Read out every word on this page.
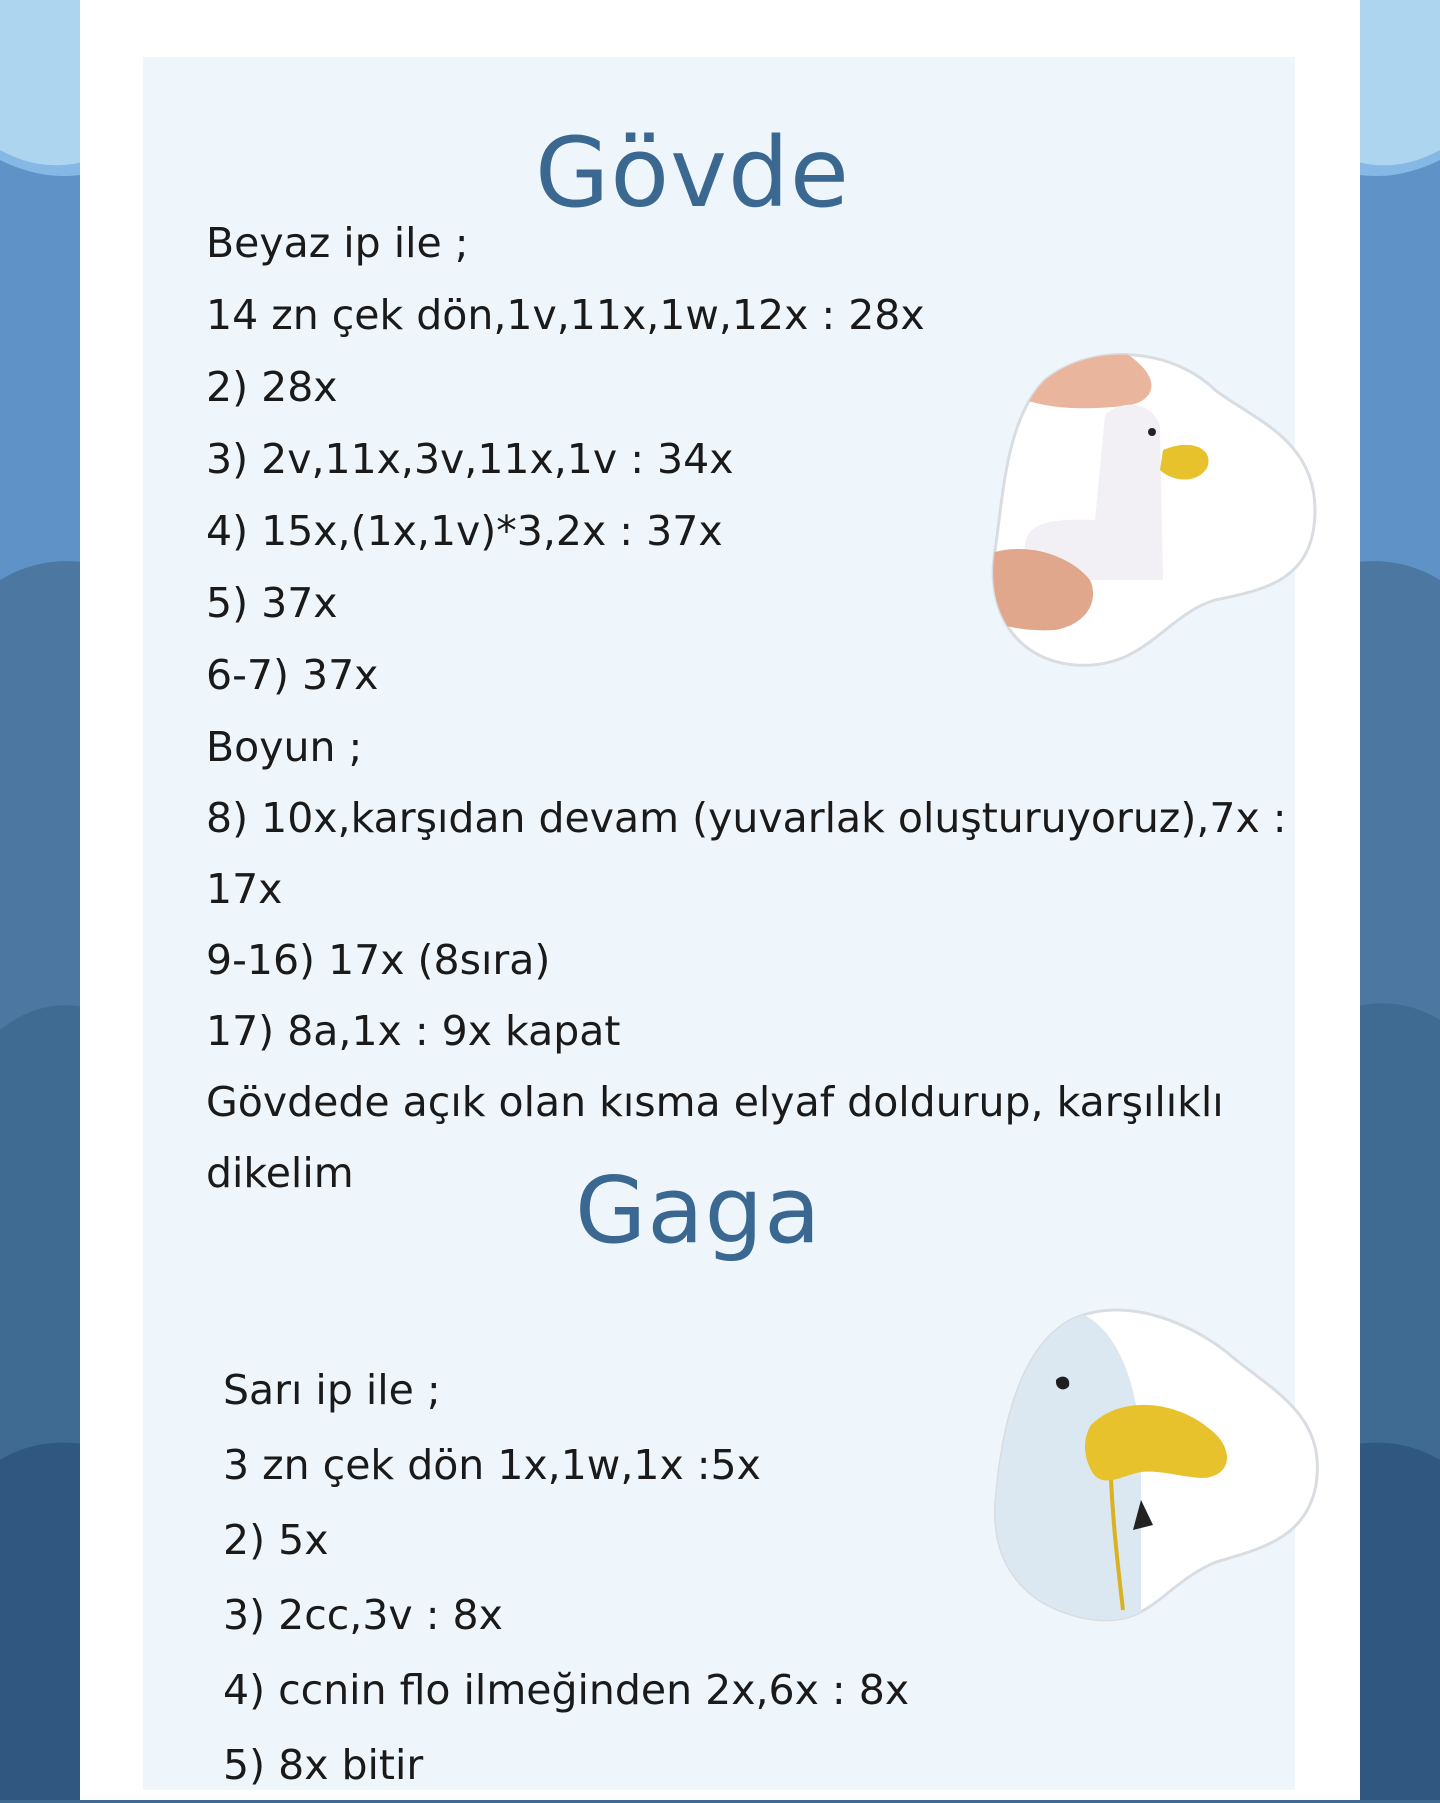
Gövde
Beyaz ip ile ;
14 zn çek dön,1v,11x,1w,12x : 28x
2) 28x
3) 2v,11x,3v,11x,1v : 34x
4) 15x,(1x,1v)*3,2x : 37x
5) 37x
6-7) 37x
Boyun ;
8) 10x,karşıdan devam (yuvarlak oluşturuyoruz),7x :
17x
9-16) 17x (8sıra)
17) 8a,1x : 9x kapat
Gövdede açık olan kısma elyaf doldurup, karşılıklı
dikelim	Gaga
Sarı ip ile ;
3 zn çek dön 1x,1w,1x :5x
2) 5x
3) 2cc,3v : 8x
4) ccnin flo ilmeğinden 2x,6x : 8x
5) 8x bitir
